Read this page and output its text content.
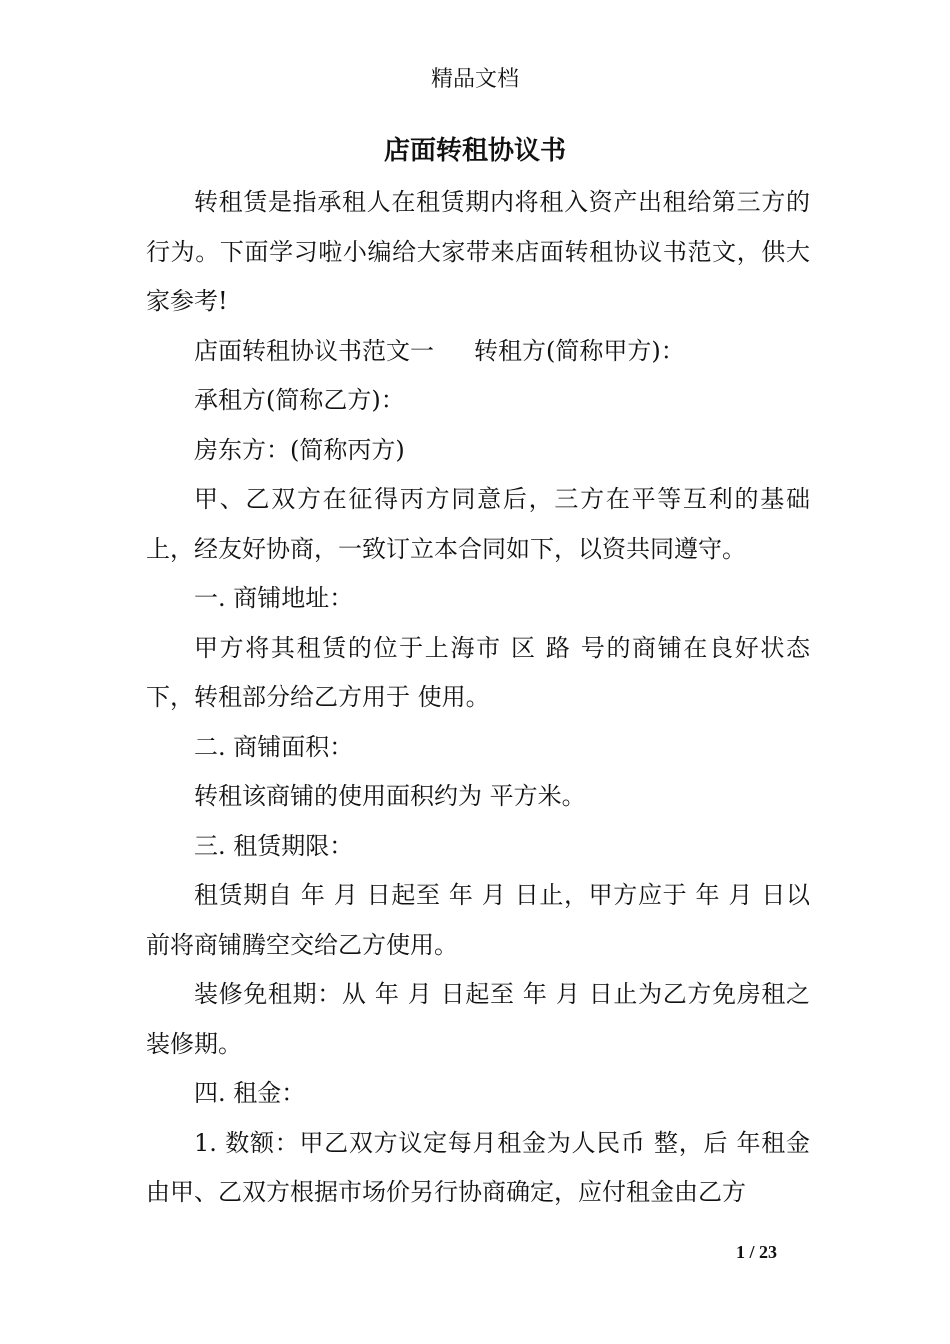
精品文档
店面转租协议书

转租赁是指承租人在租赁期内将租入资产出租给第三方的行为。下面学习啦小编给大家带来店面转租协议书范文，供大家参考!

店面转租协议书范文一 转租方(简称甲方)：

承租方(简称乙方)：

房东方：(简称丙方)

甲、乙双方在征得丙方同意后，三方在平等互利的基础上，经友好协商，一致订立本合同如下，以资共同遵守。

一. 商铺地址：

甲方将其租赁的位于上海市 区 路 号的商铺在良好状态下，转租部分给乙方用于 使用。

二. 商铺面积：

转租该商铺的使用面积约为 平方米。

三. 租赁期限：

租赁期自 年 月 日起至 年 月 日止，甲方应于 年 月 日以前将商铺腾空交给乙方使用。

装修免租期：从 年 月 日起至 年 月 日止为乙方免房租之装修期。

四. 租金：

1. 数额：甲乙双方议定每月租金为人民币 整，后 年租金由甲、乙双方根据市场价另行协商确定，应付租金由乙方

1 / 23
